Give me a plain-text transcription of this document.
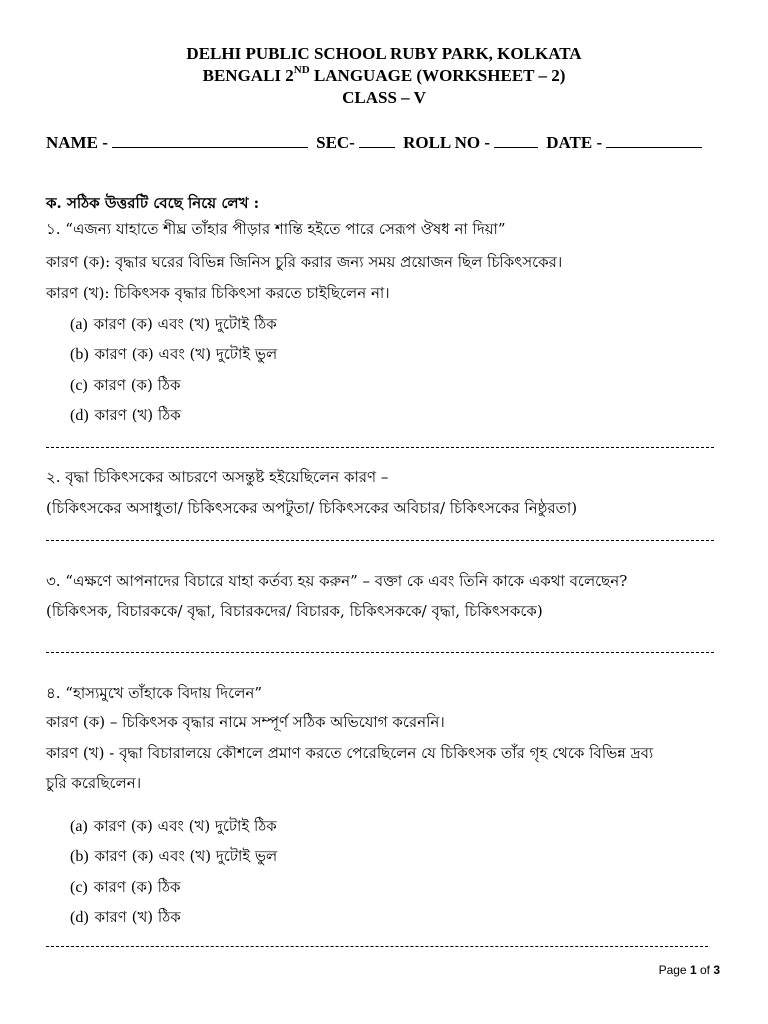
DELHI PUBLIC SCHOOL RUBY PARK, KOLKATA
BENGALI 2ND LANGUAGE (WORKSHEET – 2)
CLASS – V
NAME -	SEC-	ROLL NO -	DATE -
ক. সঠিক উত্তরটি বেছে নিয়ে লেখ :
১. “এজন্য যাহাতে শীঘ্র তাঁহার পীড়ার শান্তি হইতে পারে সেরূপ ঔষধ না দিয়া”
কারণ (ক): বৃদ্ধার ঘরের বিভিন্ন জিনিস চুরি করার জন্য সময় প্রয়োজন ছিল চিকিৎসকের।
কারণ (খ): চিকিৎসক বৃদ্ধার চিকিৎসা করতে চাইছিলেন না।
(a) কারণ (ক) এবং (খ) দুটোই ঠিক
(b) কারণ (ক) এবং (খ) দুটোই ভুল
(c) কারণ (ক) ঠিক
(d) কারণ (খ) ঠিক
২. বৃদ্ধা চিকিৎসকের আচরণে অসন্তুষ্ট হইয়েছিলেন কারণ –
(চিকিৎসকের অসাধুতা/ চিকিৎসকের অপটুতা/ চিকিৎসকের অবিচার/ চিকিৎসকের নিষ্ঠুরতা)
৩. “এক্ষণে আপনাদের বিচারে যাহা কর্তব্য হয় করুন” – বক্তা কে এবং তিনি কাকে একথা বলেছেন?
(চিকিৎসক, বিচারককে/ বৃদ্ধা, বিচারকদের/ বিচারক, চিকিৎসককে/ বৃদ্ধা, চিকিৎসককে)
৪. “হাস্যমুখে তাঁহাকে বিদায় দিলেন”
কারণ (ক) – চিকিৎসক বৃদ্ধার নামে সম্পূর্ণ সঠিক অভিযোগ করেননি।
কারণ (খ) - বৃদ্ধা বিচারালয়ে কৌশলে প্রমাণ করতে পেরেছিলেন যে চিকিৎসক তাঁর গৃহ থেকে বিভিন্ন দ্রব্য
চুরি করেছিলেন।
(a) কারণ (ক) এবং (খ) দুটোই ঠিক
(b) কারণ (ক) এবং (খ) দুটোই ভুল
(c) কারণ (ক) ঠিক
(d) কারণ (খ) ঠিক
Page 1 of 3
